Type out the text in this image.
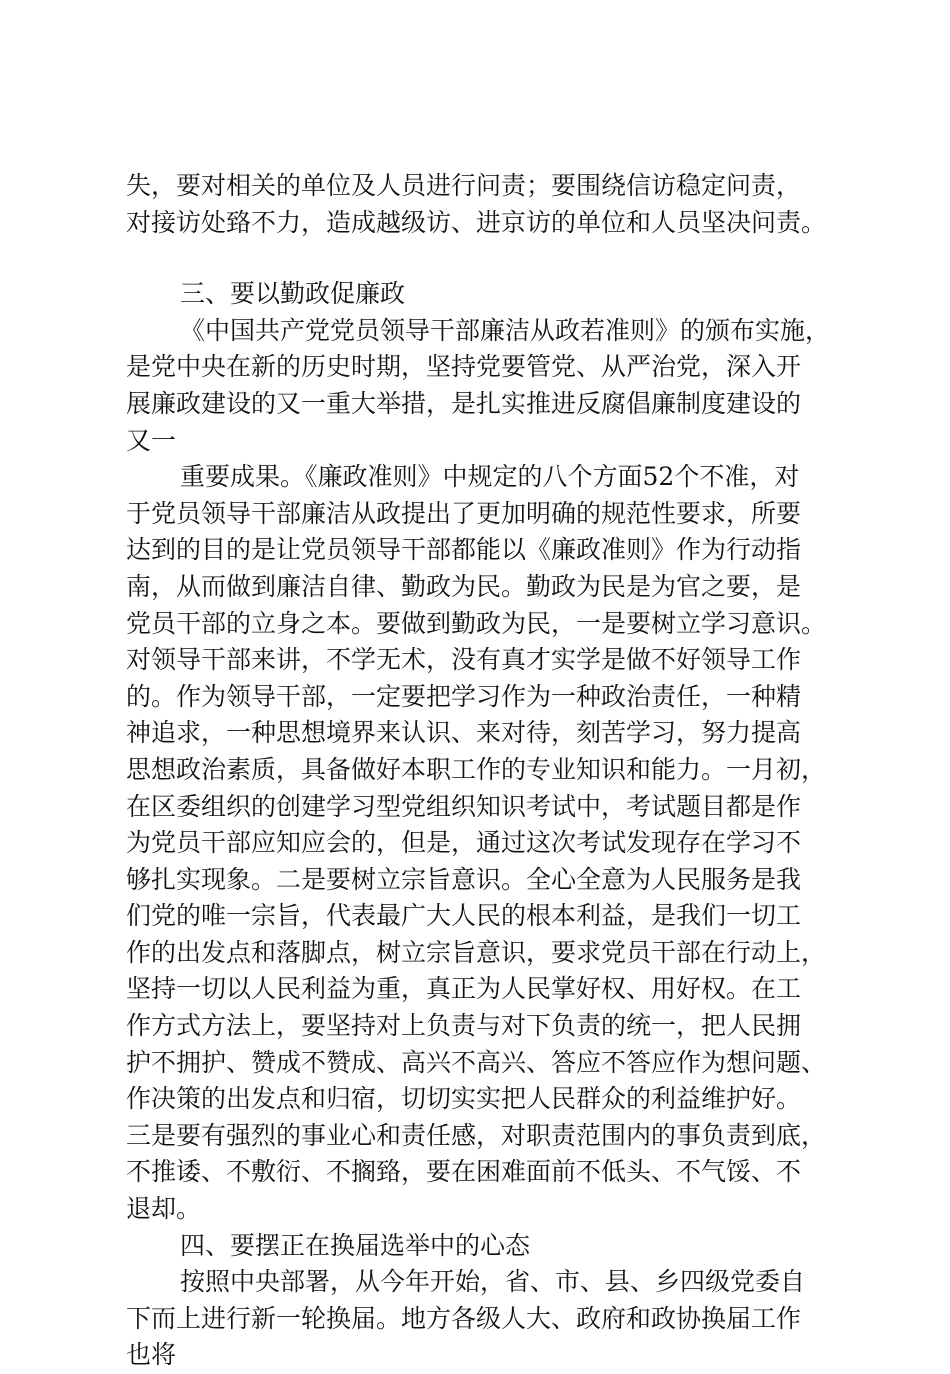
失，要对相关的单位及人员进行问责；要围绕信访稳定问责，
对接访处臵不力，造成越级访、进京访的单位和人员坚决问责。
三、要以勤政促廉政
《中国共产党党员领导干部廉洁从政若准则》的颁布实施，
是党中央在新的历史时期，坚持党要管党、从严治党，深入开
展廉政建设的又一重大举措，是扎实推进反腐倡廉制度建设的
又一
重要成果。《廉政准则》中规定的八个方面52个不准，对
于党员领导干部廉洁从政提出了更加明确的规范性要求，所要
达到的目的是让党员领导干部都能以《廉政准则》作为行动指
南，从而做到廉洁自律、勤政为民。勤政为民是为官之要，是
党员干部的立身之本。要做到勤政为民，一是要树立学习意识。
对领导干部来讲，不学无术，没有真才实学是做不好领导工作
的。作为领导干部，一定要把学习作为一种政治责任，一种精
神追求，一种思想境界来认识、来对待，刻苦学习，努力提高
思想政治素质，具备做好本职工作的专业知识和能力。一月初，
在区委组织的创建学习型党组织知识考试中，考试题目都是作
为党员干部应知应会的，但是，通过这次考试发现存在学习不
够扎实现象。二是要树立宗旨意识。全心全意为人民服务是我
们党的唯一宗旨，代表最广大人民的根本利益，是我们一切工
作的出发点和落脚点，树立宗旨意识，要求党员干部在行动上，
坚持一切以人民利益为重，真正为人民掌好权、用好权。在工
作方式方法上，要坚持对上负责与对下负责的统一，把人民拥
护不拥护、赞成不赞成、高兴不高兴、答应不答应作为想问题、
作决策的出发点和归宿，切切实实把人民群众的利益维护好。
三是要有强烈的事业心和责任感，对职责范围内的事负责到底，
不推诿、不敷衍、不搁臵，要在困难面前不低头、不气馁、不
退却。
四、要摆正在换届选举中的心态
按照中央部署，从今年开始，省、市、县、乡四级党委自
下而上进行新一轮换届。地方各级人大、政府和政协换届工作
也将
